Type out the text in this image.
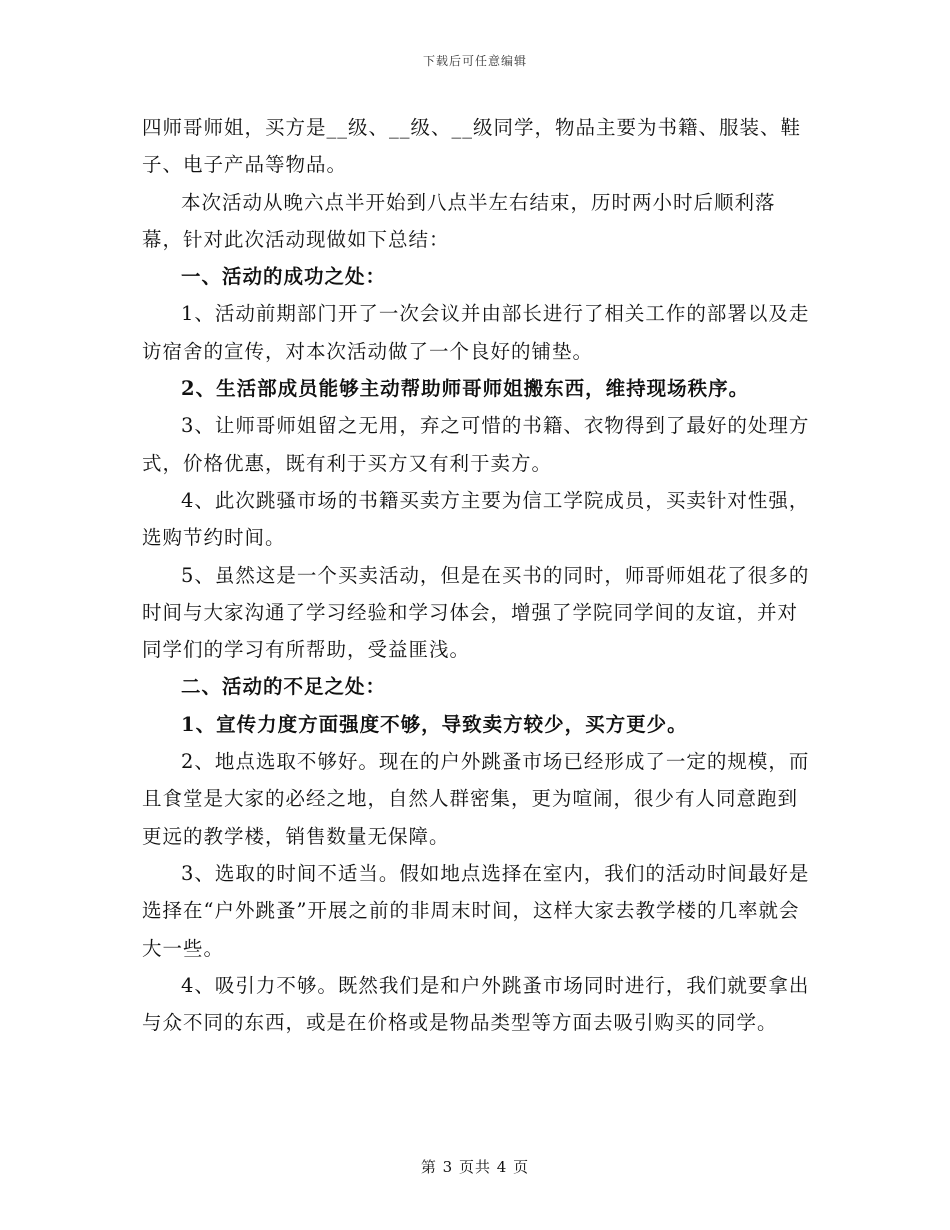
下载后可任意编辑

四师哥师姐，买方是__级、__级、__级同学，物品主要为书籍、服装、鞋子、电子产品等物品。

本次活动从晚六点半开始到八点半左右结束，历时两小时后顺利落幕，针对此次活动现做如下总结：

一、活动的成功之处：

1、活动前期部门开了一次会议并由部长进行了相关工作的部署以及走访宿舍的宣传，对本次活动做了一个良好的铺垫。

2、生活部成员能够主动帮助师哥师姐搬东西，维持现场秩序。

3、让师哥师姐留之无用，弃之可惜的书籍、衣物得到了最好的处理方式，价格优惠，既有利于买方又有利于卖方。

4、此次跳骚市场的书籍买卖方主要为信工学院成员，买卖针对性强，选购节约时间。

5、虽然这是一个买卖活动，但是在买书的同时，师哥师姐花了很多的时间与大家沟通了学习经验和学习体会，增强了学院同学间的友谊，并对同学们的学习有所帮助，受益匪浅。

二、活动的不足之处：

1、宣传力度方面强度不够，导致卖方较少，买方更少。

2、地点选取不够好。现在的户外跳蚤市场已经形成了一定的规模，而且食堂是大家的必经之地，自然人群密集，更为喧闹，很少有人同意跑到更远的教学楼，销售数量无保障。

3、选取的时间不适当。假如地点选择在室内，我们的活动时间最好是选择在“户外跳蚤”开展之前的非周末时间，这样大家去教学楼的几率就会大一些。

4、吸引力不够。既然我们是和户外跳蚤市场同时进行，我们就要拿出与众不同的东西，或是在价格或是物品类型等方面去吸引购买的同学。

第 3 页共 4 页
